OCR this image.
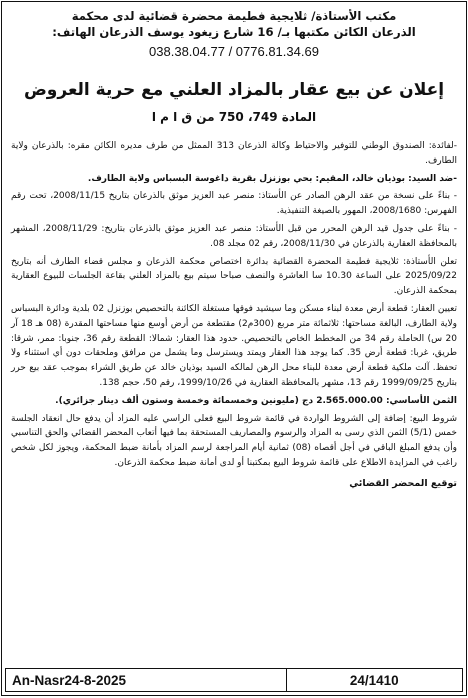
مكتب الأستاذة/ ثلايجية فطيمة محضرة قضائية لدى محكمة
الذرعان الكائن مكتبها بـ/ 16 شارع زيغود يوسف الذرعان الهاتف:
038.38.04.77 / 0776.81.34.69
إعلان عن بيع عقار بالمزاد العلني مع حرية العروض
المادة 749، 750 من ق ا م ا

-لفائدة: الصندوق الوطني للتوفير والاحتياط وكالة الذرعان 313 الممثل من طرف مديره الكائن مقره: بالذرعان ولاية الطارف.

-ضد السيد: بوذيان خالد، المقيم: بحي بوزنزل بقرية داغوسة البسباس ولاية الطارف.

- بناءً على نسخة من عقد الرهن الصادر عن الأستاذ: منصر عبد العزيز موثق بالذرعان بتاريخ 2008/11/15، تحت رقم الفهرس: 2008/1680، المهور بالصيغة التنفيذية.

- بناءً على جدول قيد الرهن المحرر من قبل الأستاذ: منصر عبد العزيز موثق بالذرعان بتاريخ: 2008/11/29، المشهر بالمحافظة العقارية بالذرعان في 2008/11/30، رقم 02 مجلد 08.

تعلن الأستاذة: ثلايجية فطيمة المحضرة القضائية بدائرة اختصاص محكمة الذرعان و مجلس قضاء الطارف أنه بتاريخ 2025/09/22 على الساعة 10.30 سا العاشرة والنصف صباحا سيتم بيع بالمزاد العلني بقاعة الجلسات للبيوع العقارية بمحكمة الذرعان.

تعيين العقار: قطعة أرض معدة لبناء مسكن وما سيشيد فوقها مستغلة الكائنة بالتحصيص بوزنزل 02 بلدية ودائرة البسباس ولاية الطارف، البالغة مساحتها: ثلاثمائة متر مربع (300م2) مقتطعة من أرض أوسع منها مساحتها المقدرة (08 هـ 18 آر 20 س) الحاملة رقم 34 من المخطط الخاص بالتحصيص. حدود هذا العقار: شمالا: القطعة رقم 36، جنوبا: ممر، شرقا: طريق، غربا: قطعة أرض 35. كما يوجد هذا العقار ويمتد ويسترسل وما يشمل من مرافق وملحقات دون أي استثناء ولا تحفظ. آلت ملكية قطعة أرض معدة للبناء محل الرهن لمالكه السيد بوذيان خالد عن طريق الشراء بموجب عقد بيع حرر بتاريخ 1999/09/25 رقم 13، مشهر بالمحافظة العقارية في 1999/10/26، رقم 50، حجم 138.

الثمن الأساسي: 2.565.000.00 دج (مليونين وخمسمائة وخمسة وستون ألف دينار جزائري).

شروط البيع: إضافة إلى الشروط الواردة في قائمة شروط البيع فعلى الراسي عليه المزاد أن يدفع حال انعقاد الجلسة خمس (5/1) الثمن الذي رسى به المزاد والرسوم والمصاريف المستحقة بما فيها أتعاب المحضر القضائي والحق التناسبي وأن يدفع المبلغ الباقي في أجل أقصاه (08) ثمانية أيام المراجعة لرسم المزاد بأمانة ضبط المحكمة، ويجوز لكل شخص راغب في المزايدة الاطلاع على قائمة شروط البيع بمكتبنا أو لدى أمانة ضبط محكمة الذرعان.

توقيع المحضر القضائي
An-Nasr24-8-2025	24/1410
